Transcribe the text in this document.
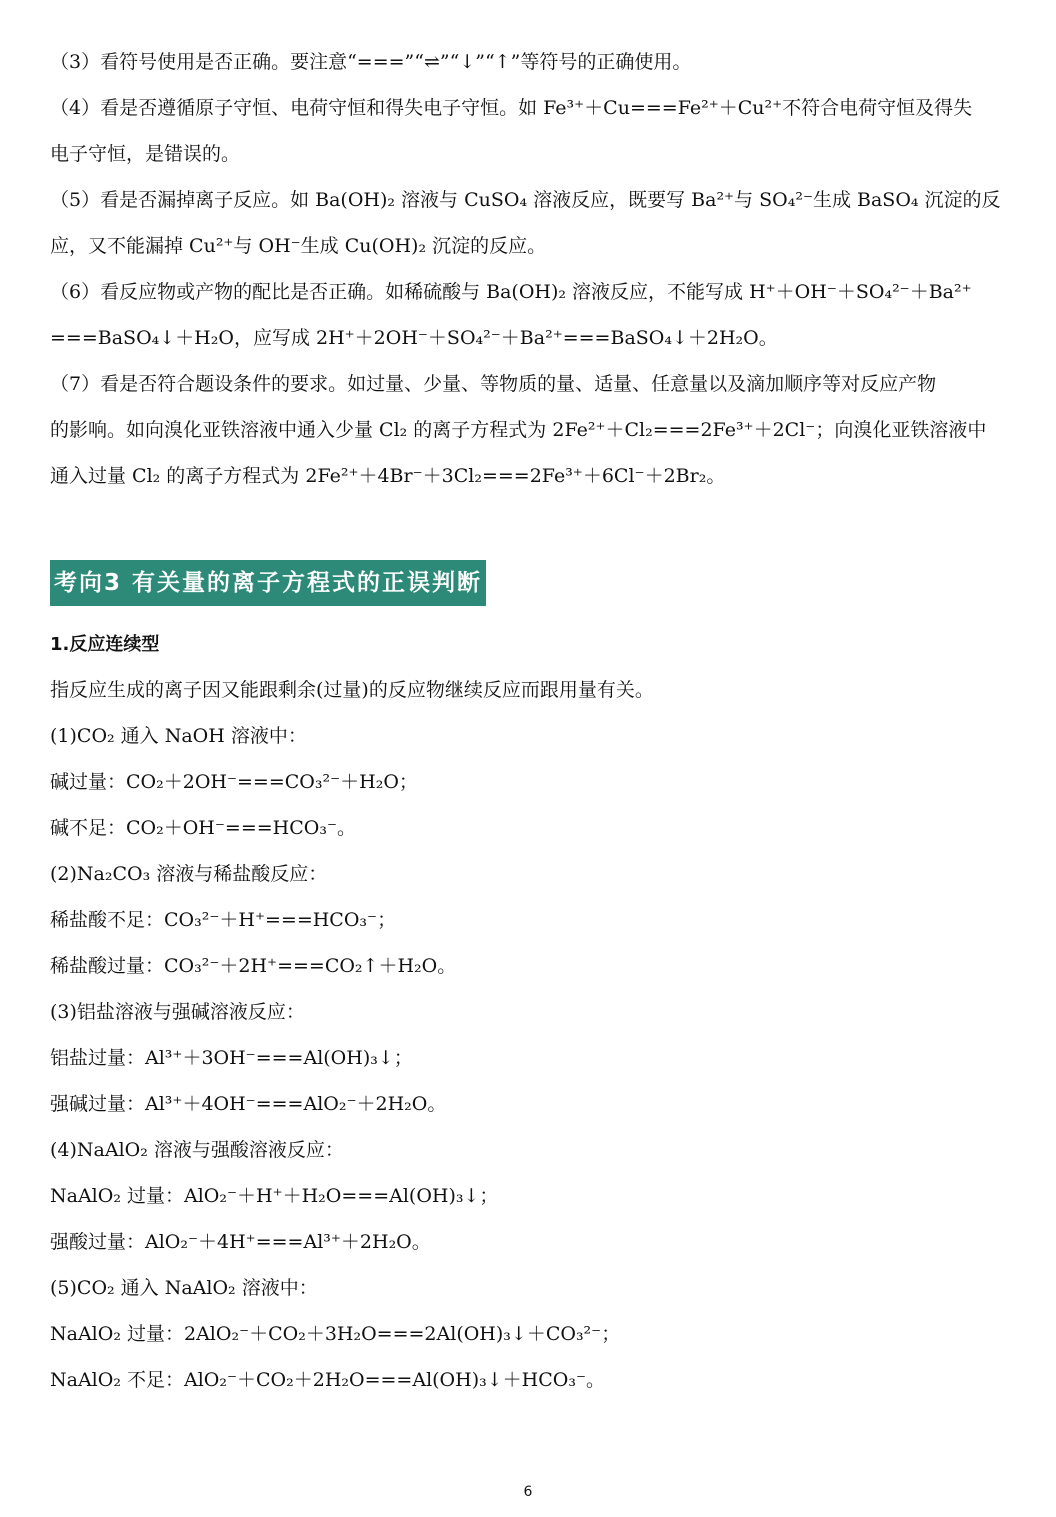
（3）看符号使用是否正确。要注意“===”“⇌”“↓”“↑”等符号的正确使用。
（4）看是否遵循原子守恒、电荷守恒和得失电子守恒。如 Fe³⁺＋Cu===Fe²⁺＋Cu²⁺不符合电荷守恒及得失
电子守恒，是错误的。
（5）看是否漏掉离子反应。如 Ba(OH)₂ 溶液与 CuSO₄ 溶液反应，既要写 Ba²⁺与 SO₄²⁻生成 BaSO₄ 沉淀的反
应，又不能漏掉 Cu²⁺与 OH⁻生成 Cu(OH)₂ 沉淀的反应。
（6）看反应物或产物的配比是否正确。如稀硫酸与 Ba(OH)₂ 溶液反应，不能写成 H⁺＋OH⁻＋SO₄²⁻＋Ba²⁺
===BaSO₄↓＋H₂O，应写成 2H⁺＋2OH⁻＋SO₄²⁻＋Ba²⁺===BaSO₄↓＋2H₂O。
（7）看是否符合题设条件的要求。如过量、少量、等物质的量、适量、任意量以及滴加顺序等对反应产物
的影响。如向溴化亚铁溶液中通入少量 Cl₂ 的离子方程式为 2Fe²⁺＋Cl₂===2Fe³⁺＋2Cl⁻；向溴化亚铁溶液中
通入过量 Cl₂ 的离子方程式为 2Fe²⁺＋4Br⁻＋3Cl₂===2Fe³⁺＋6Cl⁻＋2Br₂。
考向3 有关量的离子方程式的正误判断
1.反应连续型
指反应生成的离子因又能跟剩余(过量)的反应物继续反应而跟用量有关。
(1)CO₂ 通入 NaOH 溶液中：
碱过量：CO₂＋2OH⁻===CO₃²⁻＋H₂O；
碱不足：CO₂＋OH⁻===HCO₃⁻。
(2)Na₂CO₃ 溶液与稀盐酸反应：
稀盐酸不足：CO₃²⁻＋H⁺===HCO₃⁻；
稀盐酸过量：CO₃²⁻＋2H⁺===CO₂↑＋H₂O。
(3)铝盐溶液与强碱溶液反应：
铝盐过量：Al³⁺＋3OH⁻===Al(OH)₃↓；
强碱过量：Al³⁺＋4OH⁻===AlO₂⁻＋2H₂O。
(4)NaAlO₂ 溶液与强酸溶液反应：
NaAlO₂ 过量：AlO₂⁻＋H⁺＋H₂O===Al(OH)₃↓；
强酸过量：AlO₂⁻＋4H⁺===Al³⁺＋2H₂O。
(5)CO₂ 通入 NaAlO₂ 溶液中：
NaAlO₂ 过量：2AlO₂⁻＋CO₂＋3H₂O===2Al(OH)₃↓＋CO₃²⁻；
NaAlO₂ 不足：AlO₂⁻＋CO₂＋2H₂O===Al(OH)₃↓＋HCO₃⁻。
6
